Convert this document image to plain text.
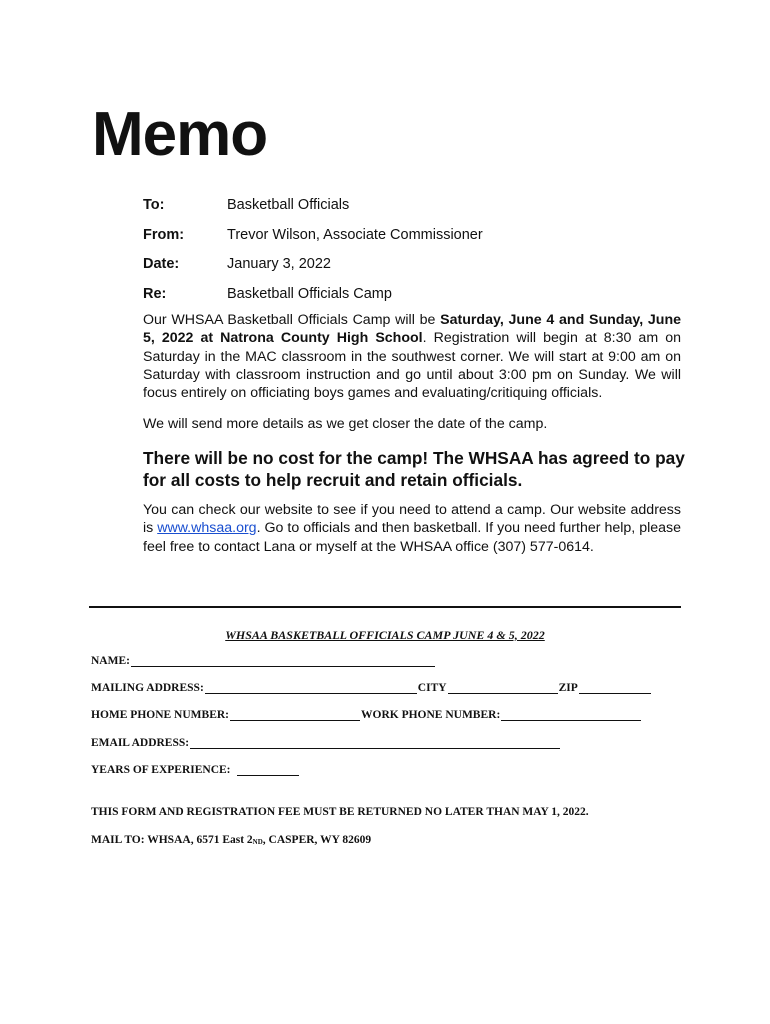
Memo
To:	Basketball Officials
From:	Trevor Wilson, Associate Commissioner
Date:	January 3, 2022
Re:	Basketball Officials Camp

Our WHSAA Basketball Officials Camp will be Saturday, June 4 and Sunday, June 5, 2022 at Natrona County High School. Registration will begin at 8:30 am on Saturday in the MAC classroom in the southwest corner. We will start at 9:00 am on Saturday with classroom instruction and go until about 3:00 pm on Sunday. We will focus entirely on officiating boys games and evaluating/critiquing officials.

We will send more details as we get closer the date of the camp.

There will be no cost for the camp! The WHSAA has agreed to pay for all costs to help recruit and retain officials.

You can check our website to see if you need to attend a camp. Our website address is www.whsaa.org. Go to officials and then basketball. If you need further help, please feel free to contact Lana or myself at the WHSAA office (307) 577-0614.

WHSAA BASKETBALL OFFICIALS CAMP JUNE 4 & 5, 2022
NAME:
MAILING ADDRESS:	CITY	ZIP
HOME PHONE NUMBER:	WORK PHONE NUMBER:
EMAIL ADDRESS:
YEARS OF EXPERIENCE:
THIS FORM AND REGISTRATION FEE MUST BE RETURNED NO LATER THAN MAY 1, 2022.
MAIL TO: WHSAA, 6571 East 2 ND , CASPER, WY 82609
